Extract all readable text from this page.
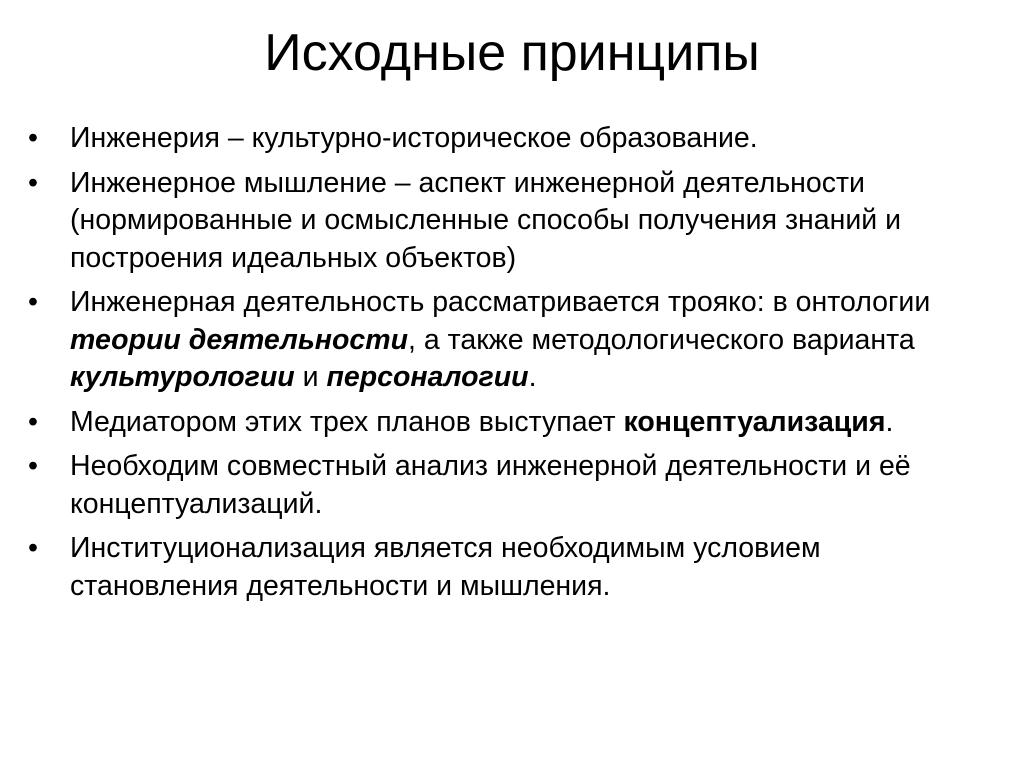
Исходные принципы
• Инженерия – культурно-историческое образование.
• Инженерное мышление – аспект инженерной деятельности (нормированные и осмысленные способы получения знаний и построения идеальных объектов)
• Инженерная деятельность рассматривается трояко: в онтологии теории деятельности, а также методологического варианта культурологии и персоналогии.
• Медиатором этих трех планов выступает концептуализация.
• Необходим совместный анализ инженерной деятельности и её концептуализаций.
• Институционализация является необходимым условием становления деятельности и мышления.
